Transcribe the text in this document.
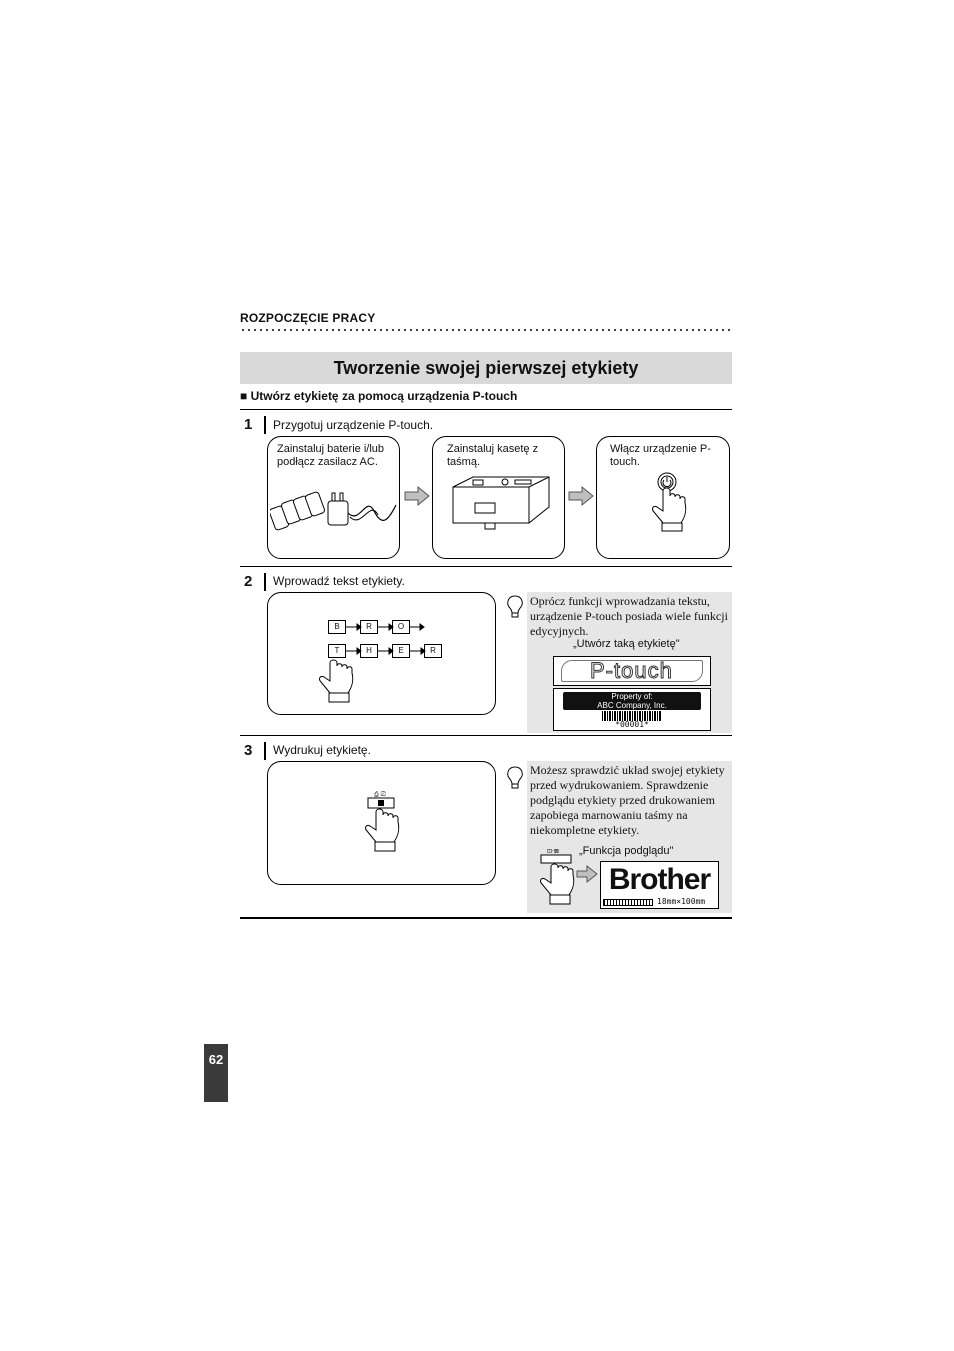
ROZPOCZĘCIE PRACY
Tworzenie swojej pierwszej etykiety
■ Utwórz etykietę za pomocą urządzenia P-touch
1	Przygotuj urządzenie P-touch.
Zainstaluj baterie i/lub podłącz zasilacz AC.
Zainstaluj kasetę z taśmą.
Włącz urządzenie P-touch.
2	Wprowadź tekst etykiety.
B	R	O
T	H	E	R
Oprócz funkcji wprowadzania tekstu, urządzenie P-touch posiada wiele funkcji edycyjnych.
„Utwórz taką etykietę"
P-touch
Property of:
ABC Company, Inc.
*00001*
3	Wydrukuj etykietę.
⎙ ⎚
Możesz sprawdzić układ swojej etykiety przed wydrukowaniem. Sprawdzenie podglądu etykiety przed drukowaniem zapobiega marnowaniu taśmy na niekompletne etykiety.
„Funkcja podglądu"
⊡·⊠
Brother
18mm×100mm
62
